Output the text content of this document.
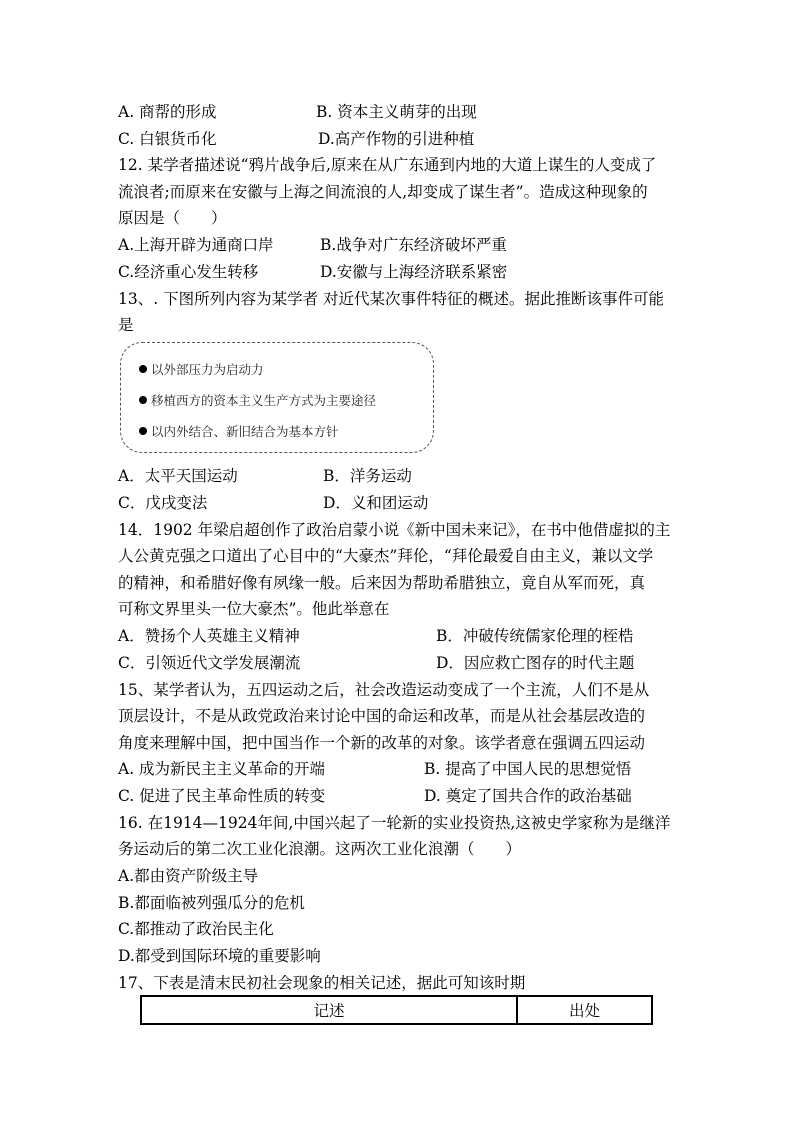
A. 商帮的形成	B. 资本主义萌芽的出现
C. 白银货币化	D.高产作物的引进种植
12. 某学者描述说“鸦片战争后,原来在从广东通到内地的大道上谋生的人变成了
流浪者;而原来在安徽与上海之间流浪的人,却变成了谋生者”。造成这种现象的
原因是（　　）
A.上海开辟为通商口岸	B.战争对广东经济破坏严重
C.经济重心发生转移	D.安徽与上海经济联系紧密
13、. 下图所列内容为某学者 对近代某次事件特征的概述。据此推断该事件可能
是
以外部压力为启动力
移植西方的资本主义生产方式为主要途径
以内外结合、新旧结合为基本方针
A．太平天国运动	B．洋务运动
C．戊戌变法	D．义和团运动
14．1902 年梁启超创作了政治启蒙小说《新中国未来记》，在书中他借虚拟的主
人公黄克强之口道出了心目中的“大豪杰”拜伦，“拜伦最爱自由主义，兼以文学
的精神，和希腊好像有夙缘一般。后来因为帮助希腊独立，竟自从军而死，真
可称文界里头一位大豪杰”。他此举意在
A．赞扬个人英雄主义精神	B．冲破传统儒家伦理的桎梏
C．引领近代文学发展潮流	D．因应救亡图存的时代主题
15、某学者认为，五四运动之后，社会改造运动变成了一个主流，人们不是从
顶层设计，不是从政党政治来讨论中国的命运和改革，而是从社会基层改造的
角度来理解中国，把中国当作一个新的改革的对象。该学者意在强调五四运动
A. 成为新民主主义革命的开端	B. 提高了中国人民的思想觉悟
C. 促进了民主革命性质的转变	D. 奠定了国共合作的政治基础
16. 在1914—1924年间,中国兴起了一轮新的实业投资热,这被史学家称为是继洋
务运动后的第二次工业化浪潮。这两次工业化浪潮（　　）
A.都由资产阶级主导
B.都面临被列强瓜分的危机
C.都推动了政治民主化
D.都受到国际环境的重要影响
17、下表是清末民初社会现象的相关记述，据此可知该时期
记述	出处
